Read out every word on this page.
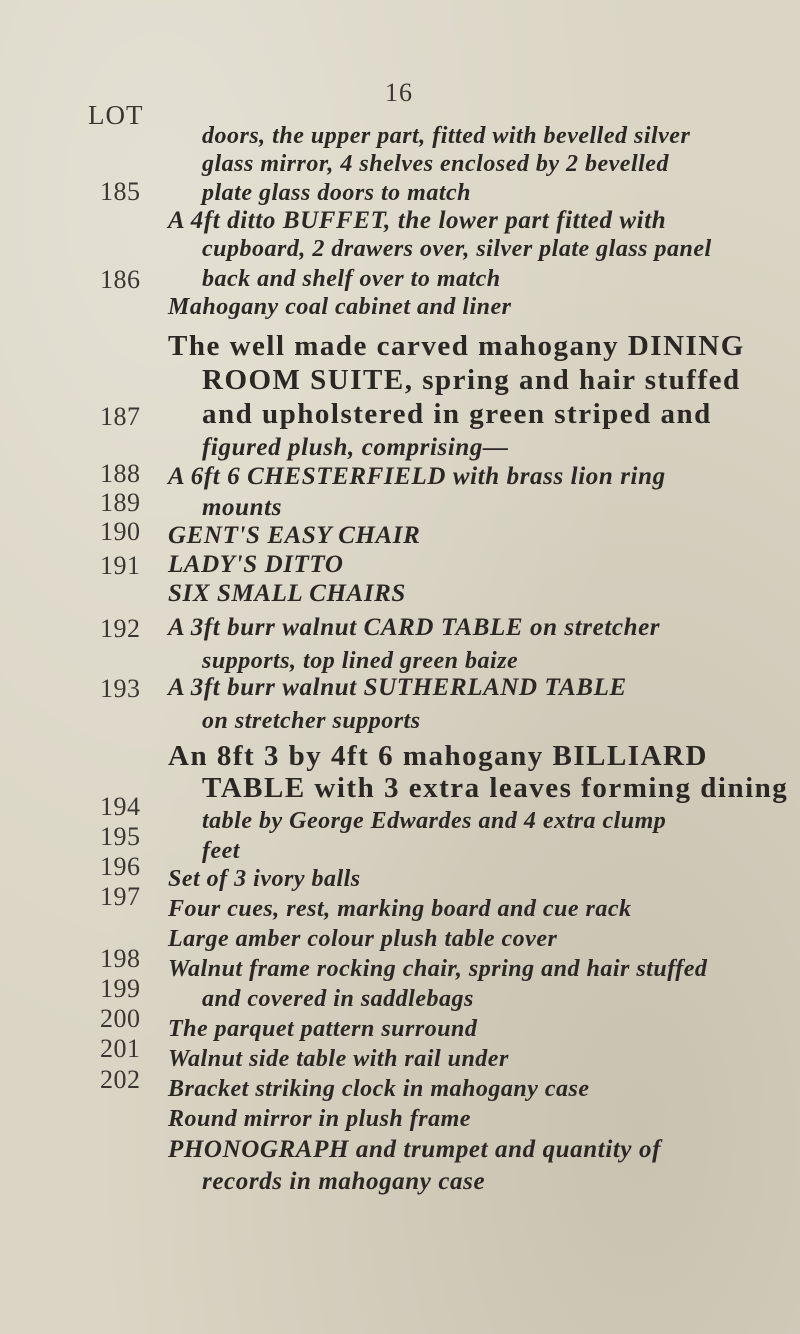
16
LOT
185
186
187
188
189
190
191
192
193
194
195
196
197
198
199
200
201
202
doors, the upper part, fitted with bevelled silver
glass mirror, 4 shelves enclosed by 2 bevelled
plate glass doors to match
A 4ft ditto BUFFET, the lower part fitted with
cupboard, 2 drawers over, silver plate glass panel
back and shelf over to match
Mahogany coal cabinet and liner
The well made carved mahogany DINING
ROOM SUITE, spring and hair stuffed
and upholstered in green striped and
figured plush, comprising—
A 6ft 6 CHESTERFIELD with brass lion ring
mounts
GENT'S EASY CHAIR
LADY'S DITTO
SIX SMALL CHAIRS
A 3ft burr walnut CARD TABLE on stretcher
supports, top lined green baize
A 3ft burr walnut SUTHERLAND TABLE
on stretcher supports
An 8ft 3 by 4ft 6 mahogany BILLIARD
TABLE with 3 extra leaves forming dining
table by George Edwardes and 4 extra clump
feet
Set of 3 ivory balls
Four cues, rest, marking board and cue rack
Large amber colour plush table cover
Walnut frame rocking chair, spring and hair stuffed
and covered in saddlebags
The parquet pattern surround
Walnut side table with rail under
Bracket striking clock in mahogany case
Round mirror in plush frame
PHONOGRAPH and trumpet and quantity of
records in mahogany case
